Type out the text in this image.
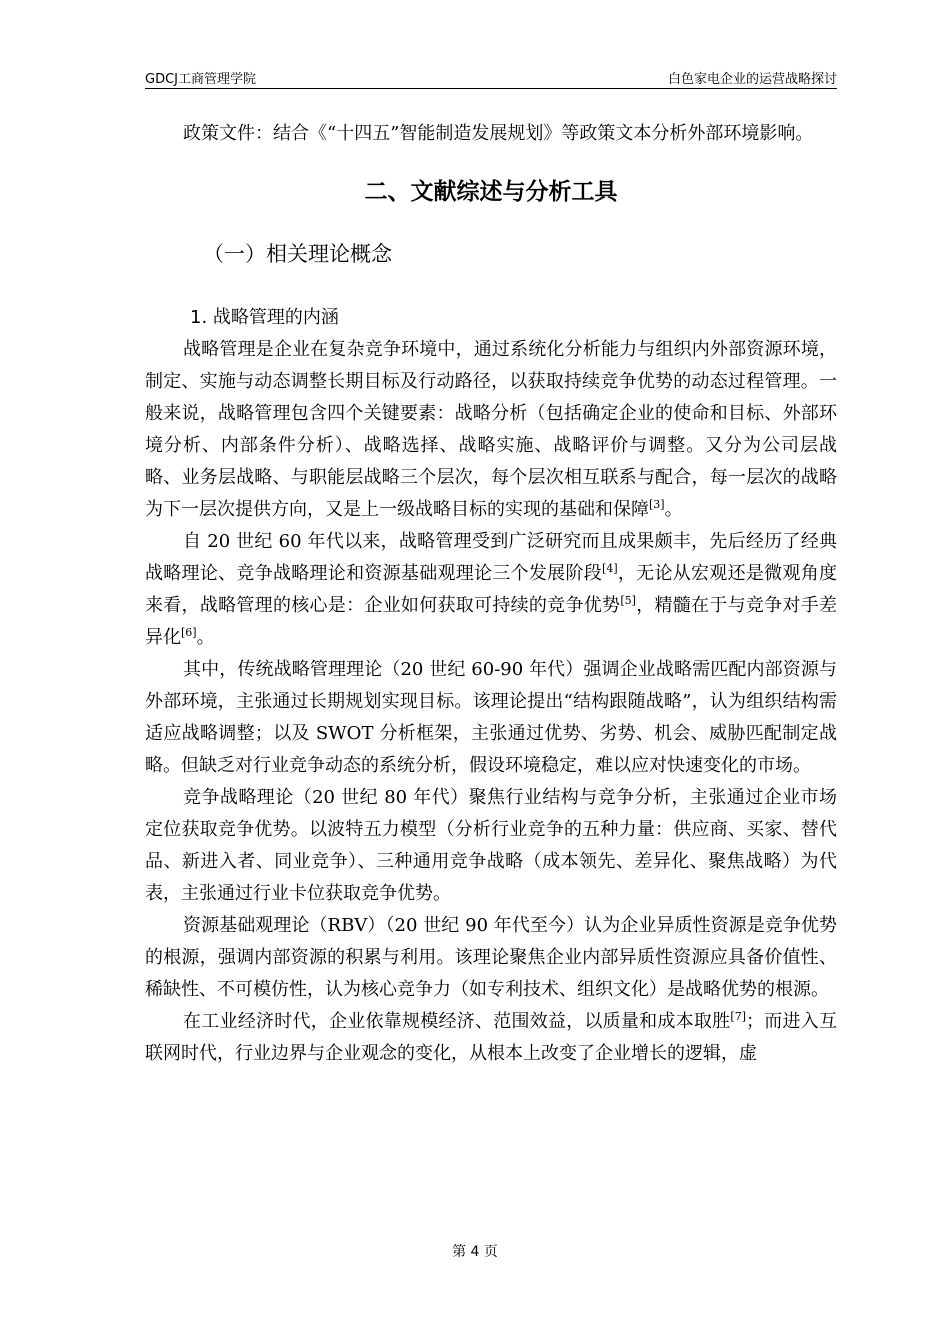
GDCJ工商管理学院	白色家电企业的运营战略探讨

政策文件：结合《“十四五”智能制造发展规划》等政策文本分析外部环境影响。

二、文献综述与分析工具
（一）相关理论概念
1. 战略管理的内涵

战略管理是企业在复杂竞争环境中，通过系统化分析能力与组织内外部资源环境，制定、实施与动态调整长期目标及行动路径，以获取持续竞争优势的动态过程管理。一般来说，战略管理包含四个关键要素：战略分析（包括确定企业的使命和目标、外部环境分析、内部条件分析）、战略选择、战略实施、战略评价与调整。又分为公司层战略、业务层战略、与职能层战略三个层次，每个层次相互联系与配合，每一层次的战略为下一层次提供方向，又是上一级战略目标的实现的基础和保障[3]。

自 20 世纪 60 年代以来，战略管理受到广泛研究而且成果颇丰，先后经历了经典战略理论、竞争战略理论和资源基础观理论三个发展阶段[4]，无论从宏观还是微观角度来看，战略管理的核心是：企业如何获取可持续的竞争优势[5]，精髓在于与竞争对手差异化[6]。

其中，传统战略管理理论（20 世纪 60-90 年代）强调企业战略需匹配内部资源与外部环境，主张通过长期规划实现目标。该理论提出“结构跟随战略”，认为组织结构需适应战略调整；以及 SWOT 分析框架，主张通过优势、劣势、机会、威胁匹配制定战略。但缺乏对行业竞争动态的系统分析，假设环境稳定，难以应对快速变化的市场。

竞争战略理论（20 世纪 80 年代）聚焦行业结构与竞争分析，主张通过企业市场定位获取竞争优势。以波特五力模型（分析行业竞争的五种力量：供应商、买家、替代品、新进入者、同业竞争）、三种通用竞争战略（成本领先、差异化、聚焦战略）为代表，主张通过行业卡位获取竞争优势。

资源基础观理论（RBV）（20 世纪 90 年代至今）认为企业异质性资源是竞争优势的根源，强调内部资源的积累与利用。该理论聚焦企业内部异质性资源应具备价值性、稀缺性、不可模仿性，认为核心竞争力（如专利技术、组织文化）是战略优势的根源。

在工业经济时代，企业依靠规模经济、范围效益，以质量和成本取胜[7]；而进入互联网时代，行业边界与企业观念的变化，从根本上改变了企业增长的逻辑，虚

第 4 页
